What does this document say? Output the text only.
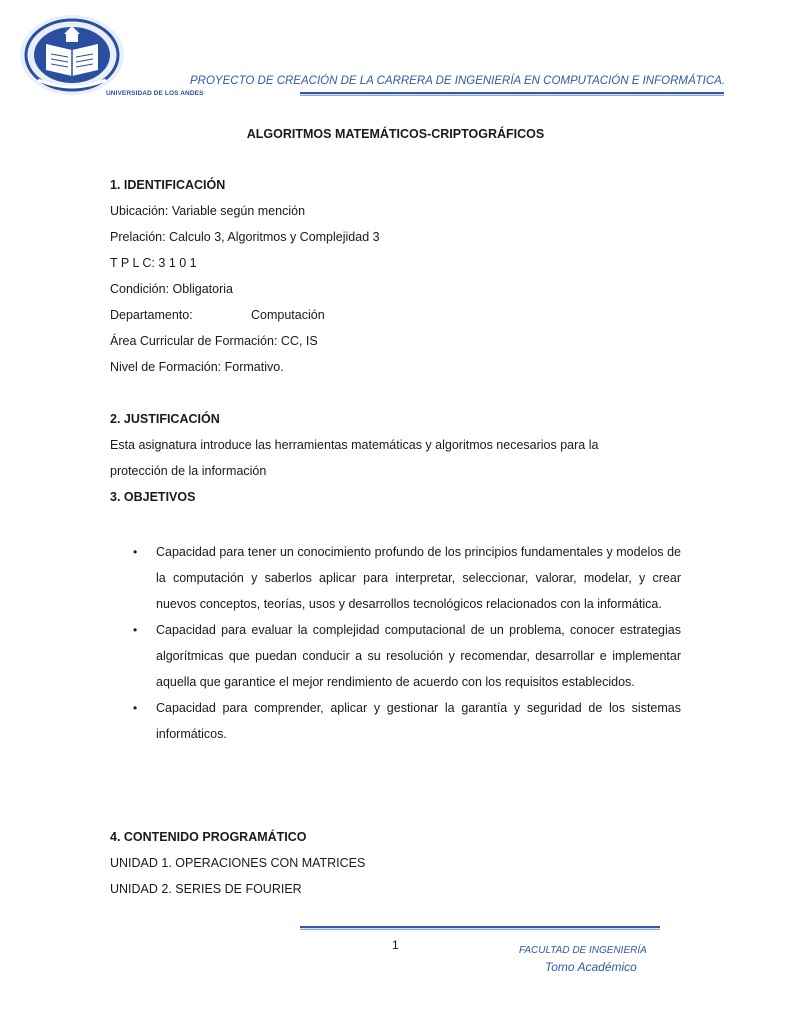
UNIVERSIDAD DE LOS ANDES
PROYECTO DE CREACIÓN DE LA CARRERA DE INGENIERÍA EN COMPUTACIÓN E INFORMÁTICA.
ALGORITMOS MATEMÁTICOS-CRIPTOGRÁFICOS
1. IDENTIFICACIÓN
Ubicación: Variable según mención
Prelación: Calculo 3, Algoritmos y Complejidad 3
T P L C: 3 1 0 1
Condición: Obligatoria
Departamento:	Computación
Área Curricular de Formación: CC, IS
Nivel de Formación: Formativo.
2. JUSTIFICACIÓN
Esta asignatura introduce las herramientas matemáticas y algoritmos necesarios para la
protección de la información
3. OBJETIVOS
• Capacidad para tener un conocimiento profundo de los principios fundamentales y modelos de la computación y saberlos aplicar para interpretar, seleccionar, valorar, modelar, y crear nuevos conceptos, teorías, usos y desarrollos tecnológicos relacionados con la informática.
• Capacidad para evaluar la complejidad computacional de un problema, conocer estrategias algorítmicas que puedan conducir a su resolución y recomendar, desarrollar e implementar aquella que garantice el mejor rendimiento de acuerdo con los requisitos establecidos.
• Capacidad para comprender, aplicar y gestionar la garantía y seguridad de los sistemas informáticos.
4. CONTENIDO PROGRAMÁTICO
UNIDAD 1. OPERACIONES CON MATRICES
UNIDAD 2. SERIES DE FOURIER
1	FACULTAD DE INGENIERÍA
Tomo Académico
